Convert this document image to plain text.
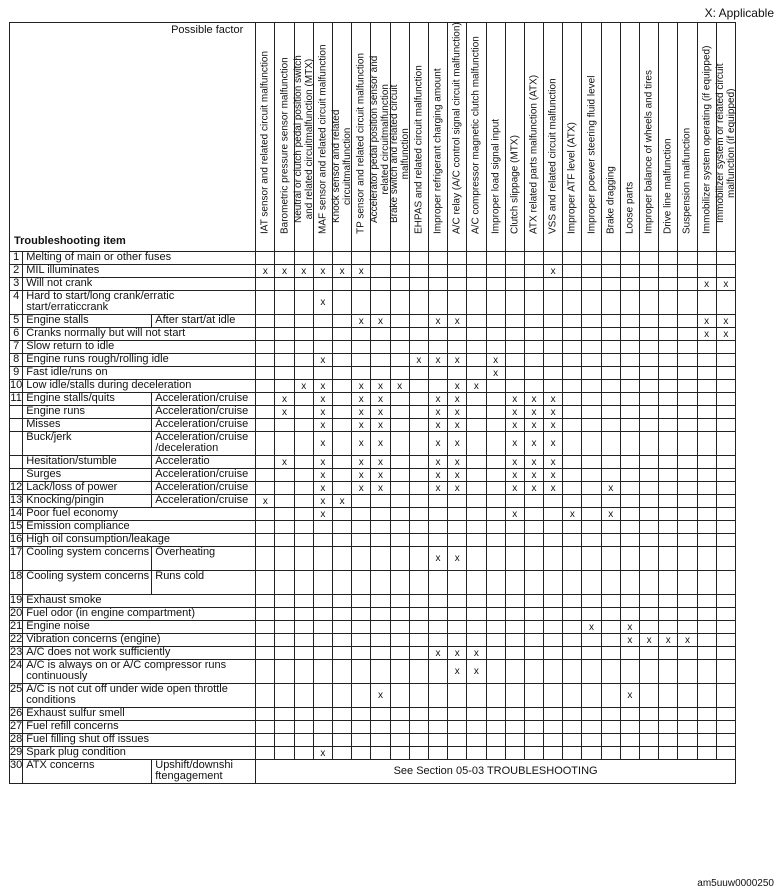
X: Applicable
Possible factor
Troubleshooting item			IAT sensor and related circuit malfunction	Barometric pressure sensor malfunction	Neutral or clutch pedal position switch
and related circuitmalfunction (MTX)	MAF sensor and related circuit malfunction	Knock sensor and related
circuitmalfunction	TP sensor and related circuit malfunction	Accelerator pedal position sensor and
related circuitmalfunction	Brake switch and related circuit
malfunction	EHPAS and related circuit malfunction	Improper refrigerant charging amount	A/C relay (A/C control signal circuit malfunction)	A/C compressor magnetic clutch malfunction	Improper load signal input	Clutch slippage (MTX)	ATX related parts malfunction (ATX)	VSS and related circuit malfunction	Improper ATF level (ATX)	Improper poewer steering fluid level	Brake dragging	Loose parts	Improper balance of wheels and tires	Drive line malfunction	Suspension malfunction	Immobilizer system operating (if equipped)	Immobilizer system or related circuit
malfunction (if equipped)

1	Melting of main or other fuses																										
2	MIL illuminates		x	x	x	x	x	x										x									
3	Will not crank																									x	x
4	Hard to start/long crank/erratic start/erraticcrank					x																					
5	Engine stalls	After start/at idle						x	x			x	x													x	x
6	Cranks normally but will not start																									x	x
7	Slow return to idle																										
8	Engine runs rough/rolling idle					x					x	x	x		x												
9	Fast idle/runs on														x												
10	Low idle/stalls during deceleration				x	x		x	x	x			x	x													
11	Engine stalls/quits	Acceleration/cruise		x		x		x	x			x	x			x	x	x									
	Engine runs	Acceleration/cruise		x		x		x	x			x	x			x	x	x									
	Misses	Acceleration/cruise				x		x	x			x	x			x	x	x									
	Buck/jerk	Acceleration/cruise /deceleration				x		x	x			x	x			x	x	x									
	Hesitation/stumble	Acceleratio		x		x		x	x			x	x			x	x	x									
	Surges	Acceleration/cruise				x		x	x			x	x			x	x	x									
12	Lack/loss of power	Acceleration/cruise				x		x	x			x	x			x	x	x			x						
13	Knocking/pingin	Acceleration/cruise	x			x	x																				
14	Poor fuel economy					x										x			x		x						
15	Emission compliance																										
16	High oil consumption/leakage																										
17	Cooling system concerns	Overheating										x	x														
18	Cooling system concerns	Runs cold																									
19	Exhaust smoke																										
20	Fuel odor (in engine compartment)																										
21	Engine noise																			x		x					
22	Vibration concerns (engine)																					x	x	x	x		
23	A/C does not work sufficiently											x	x	x													
24	A/C is always on or A/C compressor runs continuously												x	x													
25	A/C is not cut off under wide open throttle conditions								x													x					
26	Exhaust sulfur smell																										
27	Fuel refill concerns																										
28	Fuel filling shut off issues																										
29	Spark plug condition					x																					
30	ATX concerns	Upshift/downshi ftengagement	See Section 05-03 TROUBLESHOOTING																								
am5uuw0000250
